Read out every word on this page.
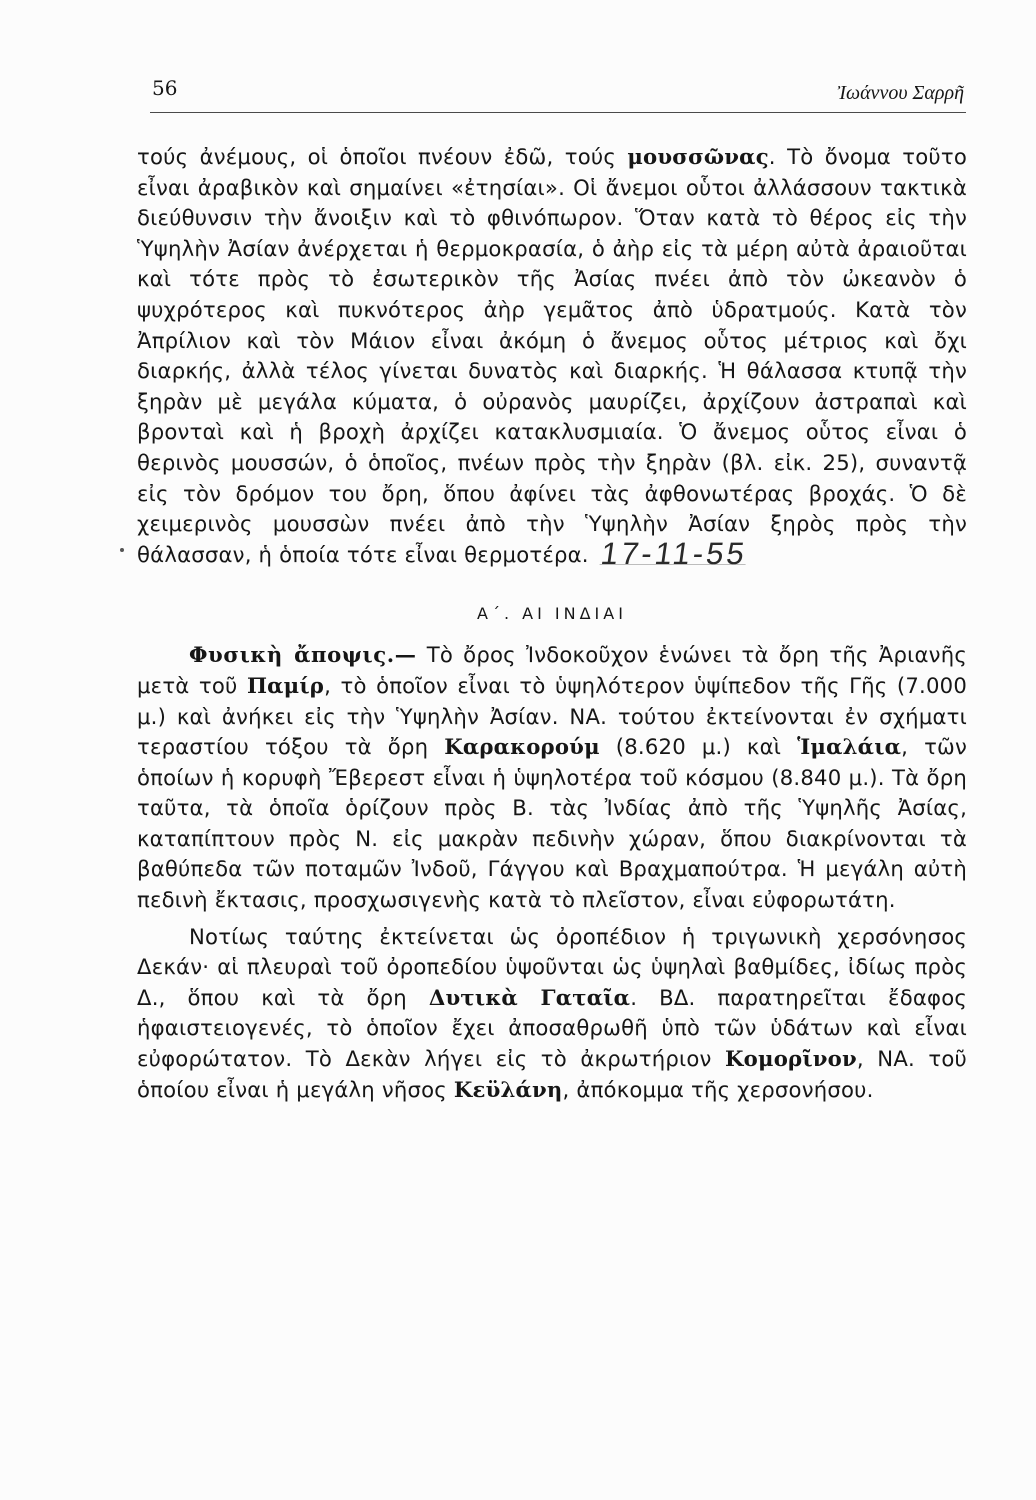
56	Ἰωάννου Σαρρῆ

τούς ἀνέμους, οἱ ὁποῖοι πνέουν ἐδῶ, τούς μουσσῶνας. Τὸ ὄνομα τοῦτο εἶναι ἀραβικὸν καὶ σημαίνει «ἐτησίαι». Οἱ ἄνεμοι οὗτοι ἀλλάσσουν τακτικὰ διεύθυνσιν τὴν ἄνοιξιν καὶ τὸ φθινόπωρον. Ὅταν κατὰ τὸ θέρος εἰς τὴν Ὑψηλὴν Ἀσίαν ἀνέρχεται ἡ θερμοκρασία, ὁ ἀὴρ εἰς τὰ μέρη αὐτὰ ἀραιοῦται καὶ τότε πρὸς τὸ ἐσωτερικὸν τῆς Ἀσίας πνέει ἀπὸ τὸν ὠκεανὸν ὁ ψυχρότερος καὶ πυκνότερος ἀὴρ γεμᾶτος ἀπὸ ὑδρατμούς. Κατὰ τὸν Ἀπρίλιον καὶ τὸν Μάιον εἶναι ἀκόμη ὁ ἄνεμος οὗτος μέτριος καὶ ὄχι διαρκής, ἀλλὰ τέλος γίνεται δυνατὸς καὶ διαρκής. Ἡ θάλασσα κτυπᾷ τὴν ξηρὰν μὲ μεγάλα κύματα, ὁ οὐρανὸς μαυρίζει, ἀρχίζουν ἀστραπαὶ καὶ βρονταὶ καὶ ἡ βροχὴ ἀρχίζει κατακλυσμιαία. Ὁ ἄνεμος οὗτος εἶναι ὁ θερινὸς μουσσών, ὁ ὁποῖος, πνέων πρὸς τὴν ξηρὰν (βλ. εἰκ. 25), συναντᾷ εἰς τὸν δρόμον του ὄρη, ὅπου ἀφίνει τὰς ἀφθονωτέρας βροχάς. Ὁ δὲ χειμερινὸς μουσσὼν πνέει ἀπὸ τὴν Ὑψηλὴν Ἀσίαν ξηρὸς πρὸς τὴν θάλασσαν, ἡ ὁποία τότε εἶναι θερμοτέρα. 17-11-55

Α΄. ΑΙ ΙΝΔΙΑΙ

Φυσικὴ ἄποψις.— Τὸ ὄρος Ἰνδοκοῦχον ἑνώνει τὰ ὄρη τῆς Ἀριανῆς μετὰ τοῦ Παμίρ, τὸ ὁποῖον εἶναι τὸ ὑψηλότερον ὑψίπεδον τῆς Γῆς (7.000 μ.) καὶ ἀνήκει εἰς τὴν Ὑψηλὴν Ἀσίαν. ΝΑ. τούτου ἐκτείνονται ἐν σχήματι τεραστίου τόξου τὰ ὄρη Καρακορούμ (8.620 μ.) καὶ Ἱμαλάια, τῶν ὁποίων ἡ κορυφὴ Ἔβερεστ εἶναι ἡ ὑψηλοτέρα τοῦ κόσμου (8.840 μ.). Τὰ ὄρη ταῦτα, τὰ ὁποῖα ὁρίζουν πρὸς Β. τὰς Ἰνδίας ἀπὸ τῆς Ὑψηλῆς Ἀσίας, καταπίπτουν πρὸς Ν. εἰς μακρὰν πεδινὴν χώραν, ὅπου διακρίνονται τὰ βαθύπεδα τῶν ποταμῶν Ἰνδοῦ, Γάγγου καὶ Βραχμαπούτρα. Ἡ μεγάλη αὐτὴ πεδινὴ ἔκτασις, προσχωσιγενὴς κατὰ τὸ πλεῖστον, εἶναι εὐφορωτάτη.

Νοτίως ταύτης ἐκτείνεται ὡς ὀροπέδιον ἡ τριγωνικὴ χερσόνησος Δεκάν· αἱ πλευραὶ τοῦ ὀροπεδίου ὑψοῦνται ὡς ὑψηλαὶ βαθμίδες, ἰδίως πρὸς Δ., ὅπου καὶ τὰ ὄρη Δυτικὰ Γαταῖα. ΒΔ. παρατηρεῖται ἔδαφος ἡφαιστειογενές, τὸ ὁποῖον ἔχει ἀποσαθρωθῆ ὑπὸ τῶν ὑδάτων καὶ εἶναι εὐφορώτατον. Τὸ Δεκὰν λήγει εἰς τὸ ἀκρωτήριον Κομορῖνον, ΝΑ. τοῦ ὁποίου εἶναι ἡ μεγάλη νῆσος Κεϋλάνη, ἀπόκομμα τῆς χερσονήσου.
